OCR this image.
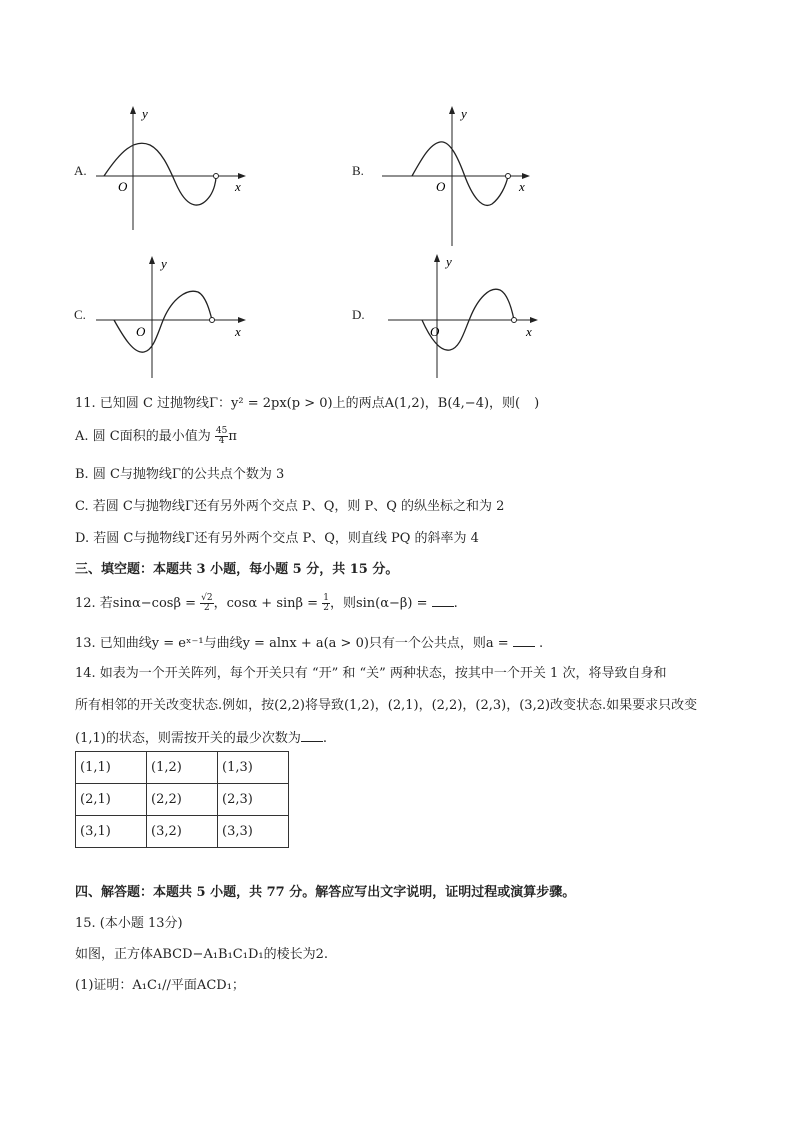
A.
y
x
O
B.
y
x
O
C.
y
x
O
D.
y
x
O
11. 已知圆 C 过抛物线Γ：y² = 2px(p > 0)上的两点A(1,2)，B(4,−4)，则( )
A. 圆 C面积的最小值为 $\frac{45}{4}$ π
B. 圆 C与抛物线Γ的公共点个数为 3
C. 若圆 C与抛物线Γ还有另外两个交点 P、Q，则 P、Q 的纵坐标之和为 2
D. 若圆 C与抛物线Γ还有另外两个交点 P、Q，则直线 PQ 的斜率为 4
三、填空题：本题共 3 小题，每小题 5 分，共 15 分。
12. 若$\sin\alpha-\cos\beta = \frac{√2}{2}$ ，$\cos\alpha + \sin\beta = \frac{1}{2}$ ，则sin(α−β) = .
13. 已知曲线y = eˣ⁻¹与曲线y = alnx + a(a > 0)只有一个公共点，则a = .
14. 如表为一个开关阵列，每个开关只有 “开” 和 “关” 两种状态，按其中一个开关 1 次，将导致自身和
所有相邻的开关改变状态.例如，按(2,2)将导致(1,2)，(2,1)，(2,2)，(2,3)，(3,2)改变状态.如果要求只改变
(1,1)的状态，则需按开关的最少次数为 .
(1,1)	(1,2)	(1,3)
(2,1)	(2,2)	(2,3)
(3,1)	(3,2)	(3,3)
四、解答题：本题共 5 小题，共 77 分。解答应写出文字说明，证明过程或演算步骤。
15. (本小题 13分)
如图，正方体ABCD−A₁B₁C₁D₁的棱长为2.
(1)证明：A₁C₁//平面ACD₁；
